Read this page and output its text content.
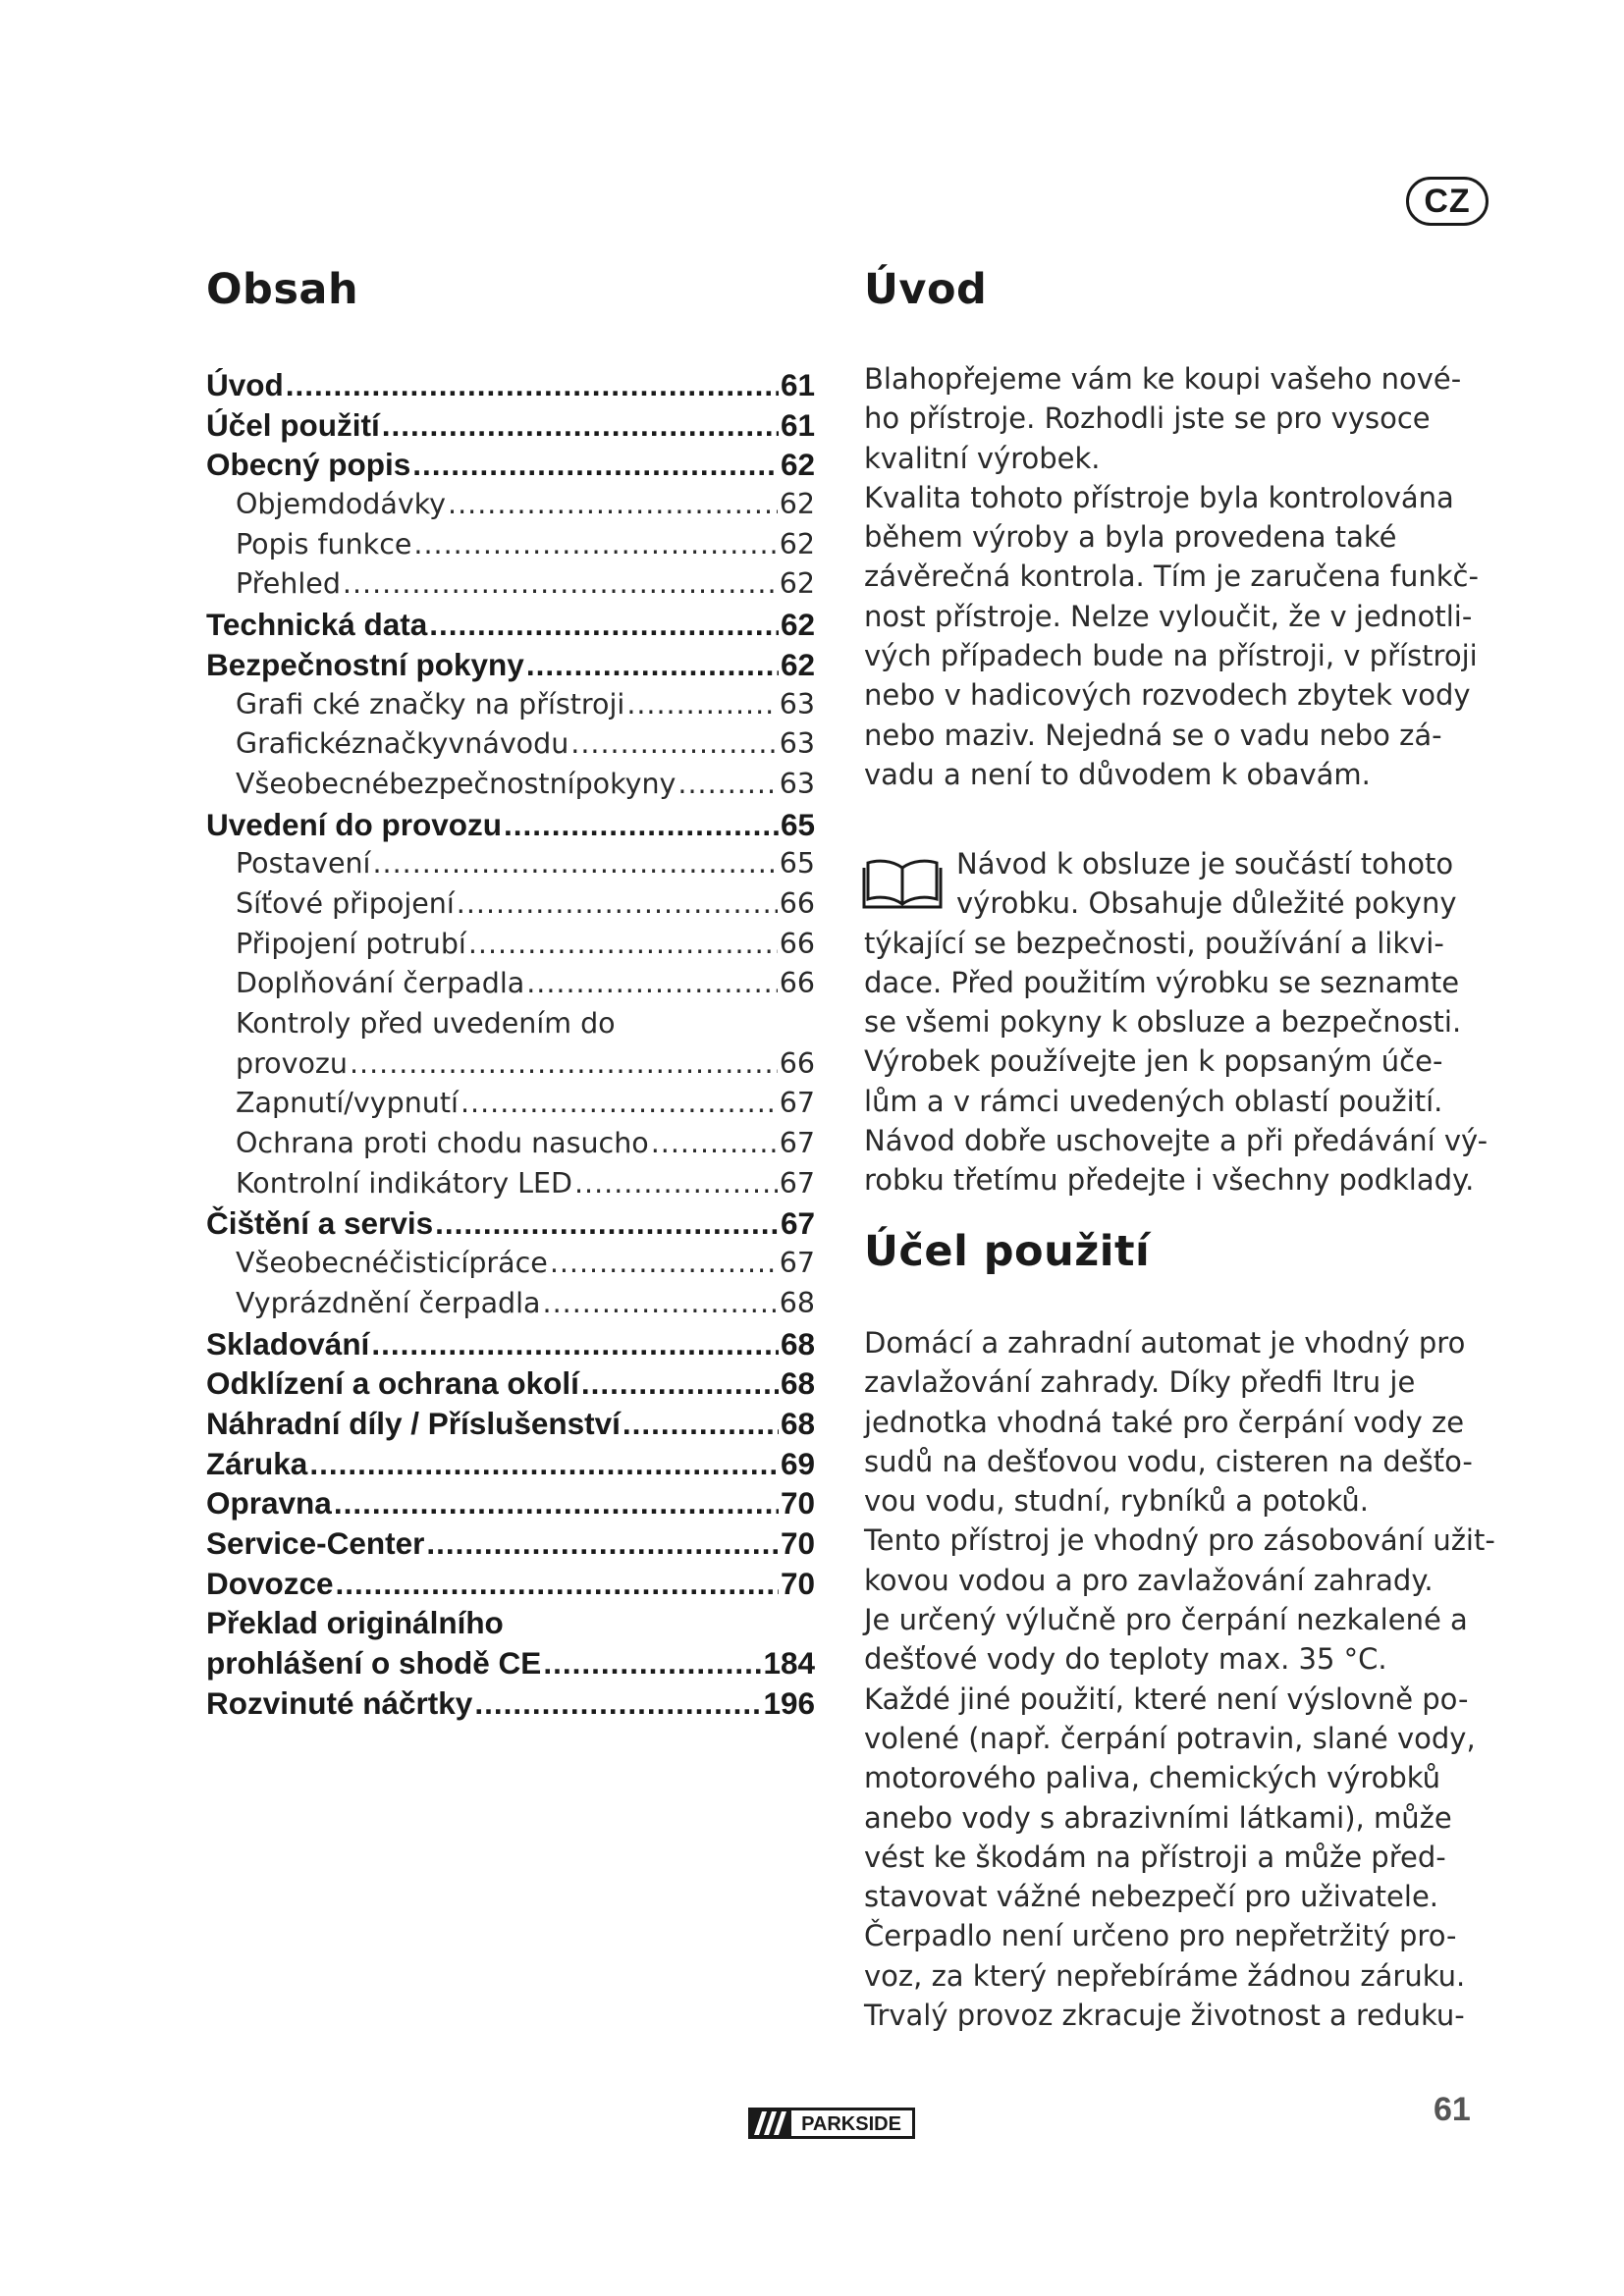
CZ
Obsah
Úvod .....	61
Účel použití .....	61
Obecný popis .....	62
Objemdodávky .....	62
Popis funkce .....	62
Přehled .....	62
Technická data .....	62
Bezpečnostní pokyny .....	62
Grafi cké značky na přístroji .....	63
Grafickéznačkyvnávodu .....	63
Všeobecnébezpečnostnípokyny .....	63
Uvedení do provozu .....	65
Postavení .....	65
Síťové připojení .....	66
Připojení potrubí .....	66
Doplňování čerpadla .....	66
Kontroly před uvedením do
provozu .....	66
Zapnutí/vypnutí .....	67
Ochrana proti chodu nasucho .....	67
Kontrolní indikátory LED .....	67
Čištění a servis .....	67
Všeobecnéčisticípráce .....	67
Vyprázdnění čerpadla .....	68
Skladování .....	68
Odklízení a ochrana okolí .....	68
Náhradní díly / Příslušenství .....	68
Záruka .....	69
Opravna .....	70
Service-Center .....	70
Dovozce .....	70
Překlad originálního
prohlášení o shodě CE .....	184
Rozvinuté náčrtky .....	196
Úvod
Blahopřejeme vám ke koupi vašeho nové-
ho přístroje. Rozhodli jste se pro vysoce
kvalitní výrobek.
Kvalita tohoto přístroje byla kontrolována
během výroby a byla provedena také
závěrečná kontrola. Tím je zaručena funkč-
nost přístroje. Nelze vyloučit, že v jednotli-
vých případech bude na přístroji, v přístroji
nebo v hadicových rozvodech zbytek vody
nebo maziv. Nejedná se o vadu nebo zá-
vadu a není to důvodem k obavám.
Návod k obsluze je součástí tohoto
výrobku. Obsahuje důležité pokyny
týkající se bezpečnosti, používání a likvi-
dace. Před použitím výrobku se seznamte
se všemi pokyny k obsluze a bezpečnosti.
Výrobek používejte jen k popsaným úče-
lům a v rámci uvedených oblastí použití.
Návod dobře uschovejte a při předávání vý-
robku třetímu předejte i všechny podklady.
Účel použití
Domácí a zahradní automat je vhodný pro
zavlažování zahrady. Díky předfi ltru je
jednotka vhodná také pro čerpání vody ze
sudů na dešťovou vodu, cisteren na dešťo-
vou vodu, studní, rybníků a potoků.
Tento přístroj je vhodný pro zásobování užit-
kovou vodou a pro zavlažování zahrady.
Je určený výlučně pro čerpání nezkalené a
dešťové vody do teploty max. 35 °C.
Každé jiné použití, které není výslovně po-
volené (např. čerpání potravin, slané vody,
motorového paliva, chemických výrobků
anebo vody s abrazivními látkami), může
vést ke škodám na přístroji a může před-
stavovat vážné nebezpečí pro uživatele.
Čerpadlo není určeno pro nepřetržitý pro-
voz, za který nepřebíráme žádnou záruku.
Trvalý provoz zkracuje životnost a reduku-
PARKSIDE	61
